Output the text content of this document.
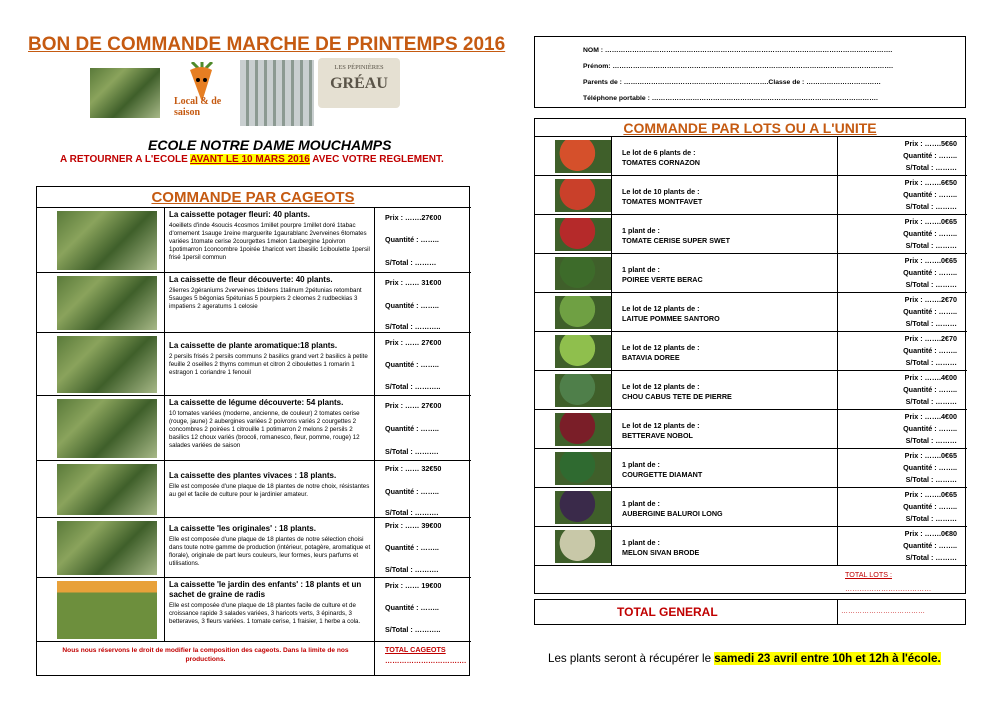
BON DE COMMANDE MARCHE DE PRINTEMPS 2016
Local & de saison
LES PÉPINIÈRES
GRÉAU
ECOLE NOTRE DAME MOUCHAMPS
A RETOURNER A L'ECOLE AVANT LE 10 MARS 2016 AVEC VOTRE REGLEMENT.
COMMANDE PAR CAGEOTS
La caissette potager fleuri: 40 plants.
4oeillets d'inde 4soucis 4cosmos 1millet pourpre 1millet doré 1tabac d'ornement 1sauge 1reine marguerite 1gaurablanc 2verveines 6tomates variées 1tomate cerise 2courgettes 1melon 1aubergine 1poivron 1potimarron 1concombre 1poirée 1haricot vert 1basilic 1ciboulette 1persil frisé 1persil commun
Prix : …….27€00
Quantité : ……..
S/Total : ………
La caissette de fleur découverte: 40 plants.
2lierres 2géraniums 2verveines 1bidens 1talinum 2pétunias retombant 5sauges 5 bégonias 5pétunias 5 pourpiers 2 cleomes 2 rudbeckias 3 impatiens 2 ageratums 1 celosie
Prix : …… 31€00
Quantité : ……..
S/Total : ………..
La caissette de plante aromatique:18 plants.
2 persils frisés 2 persils communs 2 basilics grand vert 2 basilics à petite feuille 2 oseilles 2 thyms commun et citron 2 ciboulettes 1 romarin 1 estragon 1 coriandre 1 fenouil
Prix : …… 27€00
Quantité : ……..
S/Total : ………..
La caissette de légume découverte: 54 plants.
10 tomates variées (moderne, ancienne, de couleur) 2 tomates cerise (rouge, jaune) 2 aubergines variées 2 poivrons variés 2 courgettes 2 concombres 2 poirées 1 citrouille 1 potimarron 2 melons 2 persils 2 basilics 12 choux variés (brocoli, romanesco, fleur, pomme, rouge) 12 salades variées de saison
Prix : …… 27€00
Quantité : ……..
S/Total : ……….
La caissette des plantes vivaces : 18 plants.
Elle est composée d'une plaque de 18 plantes de notre choix, résistantes au gel et facile de culture pour le jardinier amateur.
Prix : …… 32€50
Quantité : ……..
S/Total : ……….
La caissette 'les originales' : 18 plants.
Elle est composée d'une plaque de 18 plantes de notre sélection choisi dans toute notre gamme de production (intérieur, potagère, aromatique et florale), originale de part leurs couleurs, leur formes, leurs parfums et utilisations.
Prix : …… 39€00
Quantité : ……..
S/Total : ……….
La caissette 'le jardin des enfants' : 18 plants et un sachet de graine de radis
Elle est composée d'une plaque de 18 plantes facile de culture et de croissance rapide 3 salades variées, 3 haricots verts, 3 épinards, 3 betteraves, 3 fleurs variées. 1 tomate cerise, 1 fraisier, 1 herbe a cola.
Prix : …… 19€00
Quantité : ……..
S/Total : ………..
Nous nous réservons le droit de modifier la composition des cageots. Dans la limite de nos productions.
TOTAL CAGEOTS
…………………………….
NOM : ……………………………………………………………………………………………………………….
Prénom: …………………………………………………………………………………………………………….
Parents de : ……………………………………………………….Classe de : ……………………………
Téléphone portable : ……………………………………………………………………………………….
COMMANDE PAR LOTS OU A L'UNITE
Le lot de 6 plants de :
TOMATES CORNAZON
Prix : …….5€60
Quantité : ……..
S/Total : ………
Le lot de 10 plants de :
TOMATES MONTFAVET
Prix : …….6€50
Quantité : ……..
S/Total : ………
1 plant de :
TOMATE CERISE SUPER SWET
Prix : …….0€65
Quantité : ……..
S/Total : ………
1 plant de :
POIREE VERTE BERAC
Prix : …….0€65
Quantité : ……..
S/Total : ………
Le lot de 12 plants de :
LAITUE POMMEE SANTORO
Prix : …….2€70
Quantité : ……..
S/Total : ………
Le lot de 12 plants de :
BATAVIA DOREE
Prix : …….2€70
Quantité : ……..
S/Total : ………
Le lot de 12 plants de :
CHOU CABUS TETE DE PIERRE
Prix : …….4€00
Quantité : ……..
S/Total : ………
Le lot de 12 plants de :
BETTERAVE NOBOL
Prix : …….4€00
Quantité : ……..
S/Total : ………
1 plant de :
COURGETTE DIAMANT
Prix : …….0€65
Quantité : ……..
S/Total : ………
1 plant de :
AUBERGINE BALUROI LONG
Prix : …….0€65
Quantité : ……..
S/Total : ………
1 plant de :
MELON SIVAN BRODE
Prix : …….0€80
Quantité : ……..
S/Total : ………
TOTAL LOTS :
………………………………
TOTAL GENERAL	………………………………
Les plants seront à récupérer le samedi 23 avril entre 10h et 12h à l'école.
